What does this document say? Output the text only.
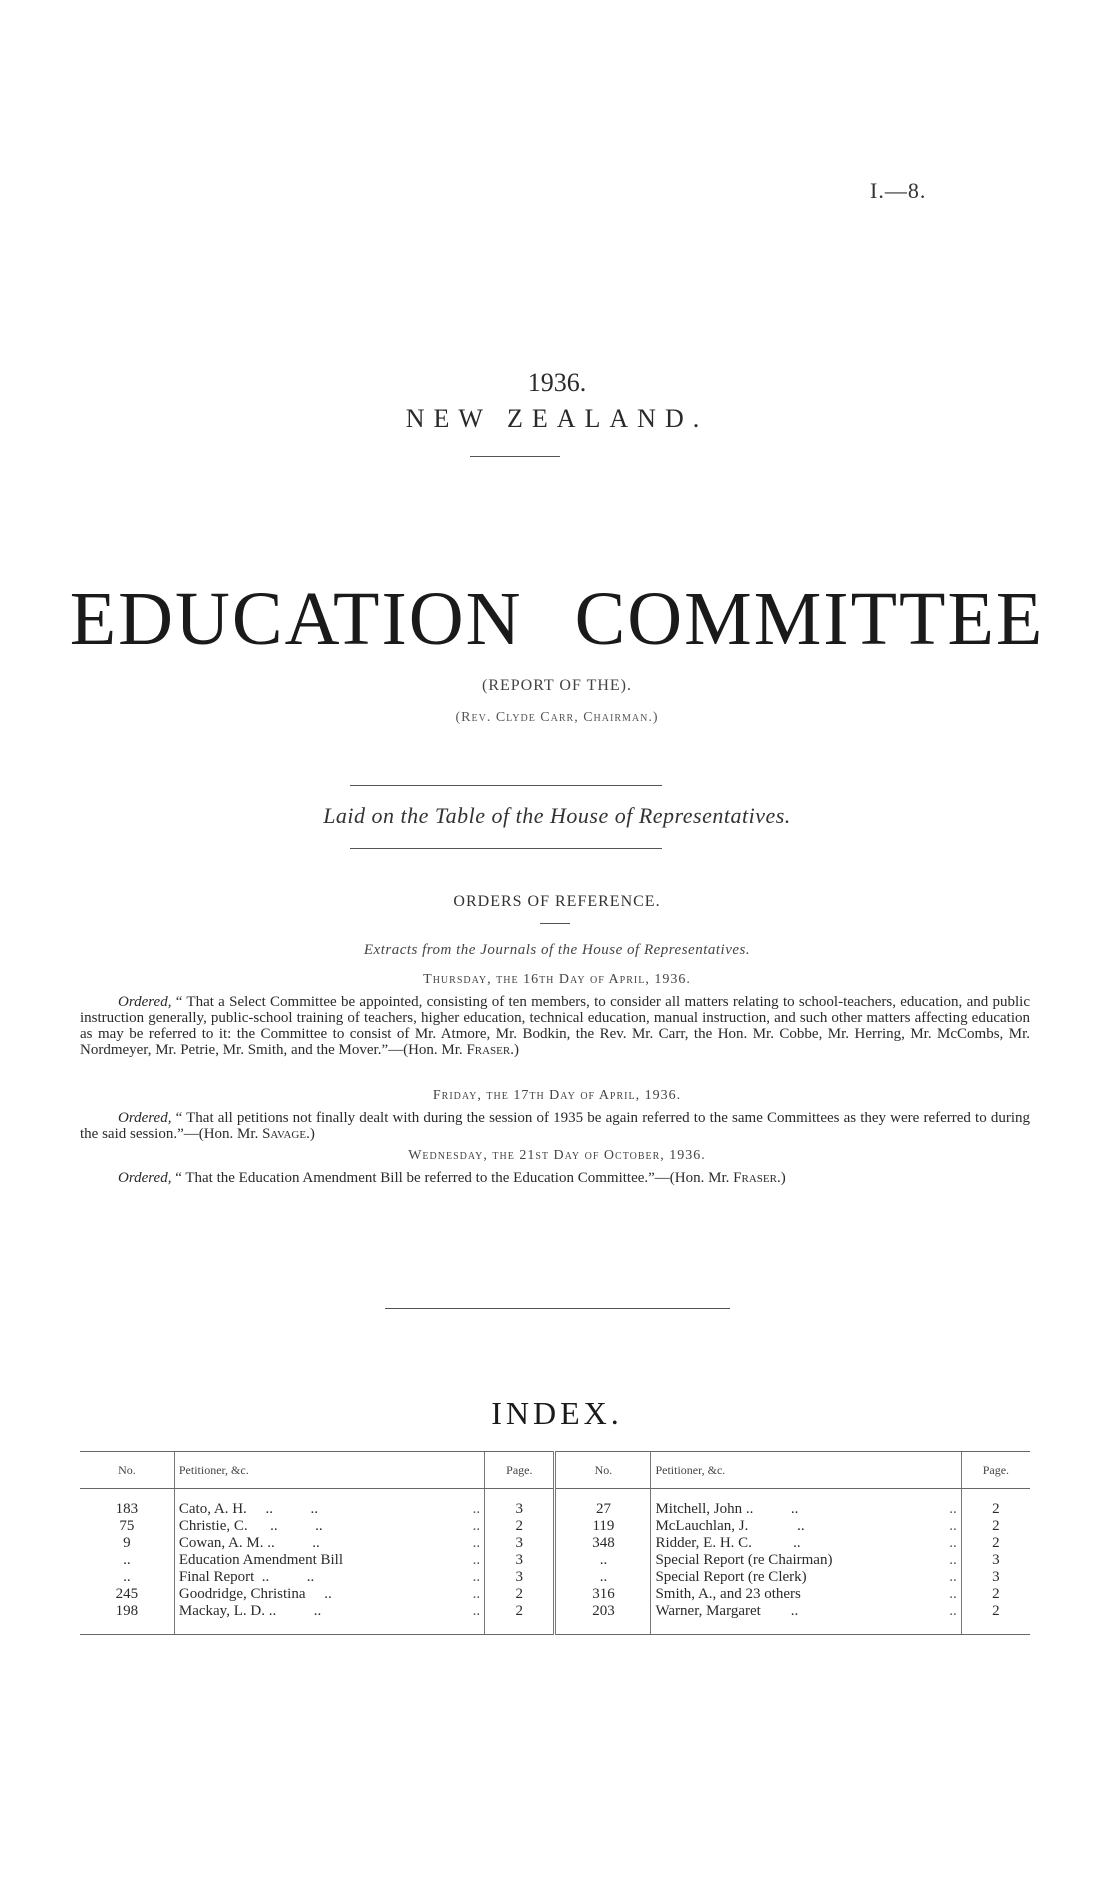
I.—8.
1936.
NEW ZEALAND.
EDUCATION COMMITTEE
(REPORT OF THE).
(Rev. Clyde Carr, Chairman.)
Laid on the Table of the House of Representatives.
ORDERS OF REFERENCE.
Extracts from the Journals of the House of Representatives.
Thursday, the 16th Day of April, 1936.
Ordered, “ That a Select Committee be appointed, consisting of ten members, to consider all matters relating to school-teachers, education, and public instruction generally, public-school training of teachers, higher education, technical education, manual instruction, and such other matters affecting education as may be referred to it: the Committee to consist of Mr. Atmore, Mr. Bodkin, the Rev. Mr. Carr, the Hon. Mr. Cobbe, Mr. Herring, Mr. McCombs, Mr. Nordmeyer, Mr. Petrie, Mr. Smith, and the Mover.”—(Hon. Mr. Fraser.)
Friday, the 17th Day of April, 1936.
Ordered, “ That all petitions not finally dealt with during the session of 1935 be again referred to the same Committees as they were referred to during the said session.”—(Hon. Mr. Savage.)
Wednesday, the 21st Day of October, 1936.
Ordered, “ That the Education Amendment Bill be referred to the Education Committee.”—(Hon. Mr. Fraser.)
INDEX.
No.	Petitioner, &c.		Page.	No.	Petitioner, &c.		Page.
183	Cato, A. H.     ..          ..	..	3	27	Mitchell, John ..          ..	..	2
75	Christie, C.      ..          ..	..	2	119	McLauchlan, J.             ..	..	2
9	Cowan, A. M. ..          ..	..	3	348	Ridder, E. H. C.           ..	..	2
..	Education Amendment Bill	..	3	..	Special Report (re Chairman)	..	3
..	Final Report  ..          ..	..	3	..	Special Report (re Clerk)	..	3
245	Goodridge, Christina     ..	..	2	316	Smith, A., and 23 others	..	2
198	Mackay, L. D. ..          ..	..	2	203	Warner, Margaret        ..	..	2
